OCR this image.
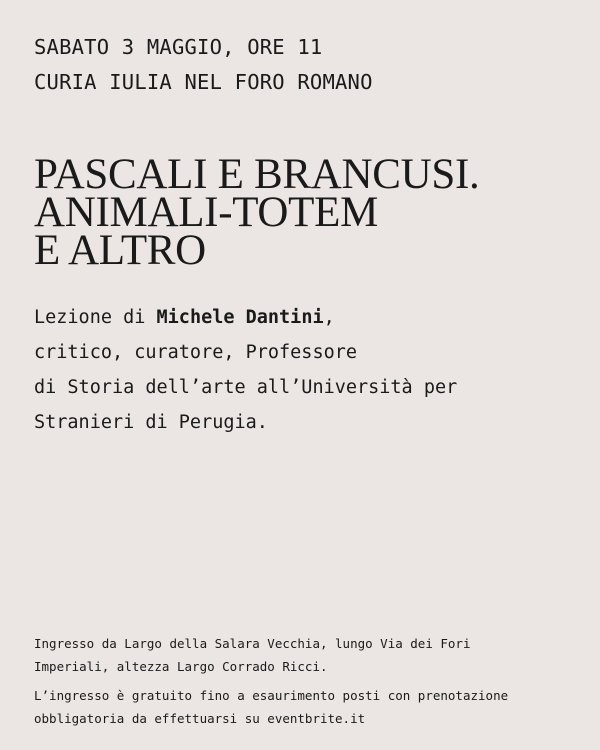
SABATO 3 MAGGIO, ORE 11
CURIA IULIA NEL FORO ROMANO
PASCALI E BRANCUSI.
ANIMALI-TOTEM
E ALTRO
Lezione di Michele Dantini,
critico, curatore, Professore
di Storia dell’arte all’Università per
Stranieri di Perugia.

Ingresso da Largo della Salara Vecchia, lungo Via dei Fori
Imperiali, altezza Largo Corrado Ricci.

L’ingresso è gratuito fino a esaurimento posti con prenotazione
obbligatoria da effettuarsi su eventbrite.it
